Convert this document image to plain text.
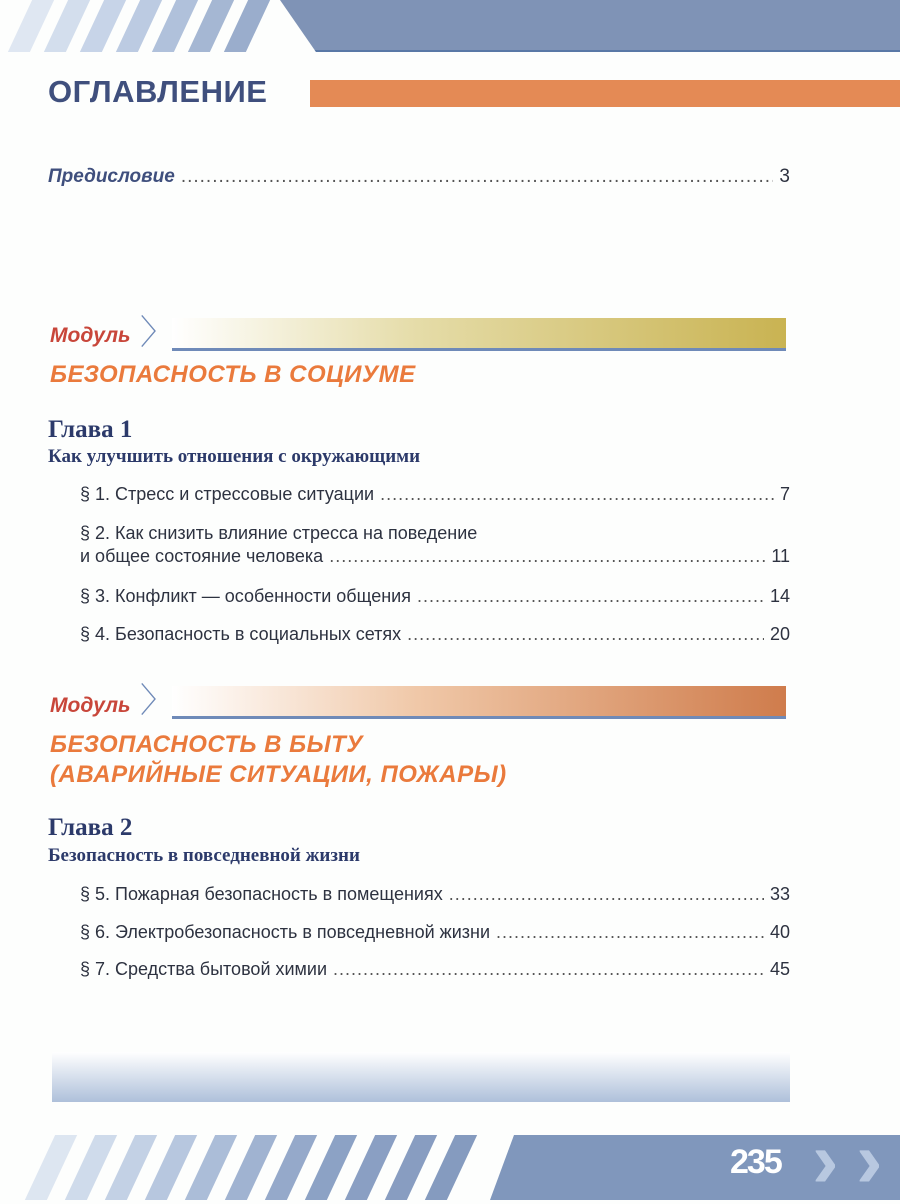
ОГЛАВЛЕНИЕ
Предисловие .....	3
Модуль 〉
БЕЗОПАСНОСТЬ В СОЦИУМЕ
Глава 1
Как улучшить отношения с окружающими
§ 1. Стресс и стрессовые ситуации .....	7
§ 2. Как снизить влияние стресса на поведение
и общее состояние человека .....	11
§ 3. Конфликт — особенности общения .....	14
§ 4. Безопасность в социальных сетях .....	20
Модуль 〉
БЕЗОПАСНОСТЬ В БЫТУ
(АВАРИЙНЫЕ СИТУАЦИИ, ПОЖАРЫ)
Глава 2
Безопасность в повседневной жизни
§ 5. Пожарная безопасность в помещениях .....	33
§ 6. Электробезопасность в повседневной жизни .....	40
§ 7. Средства бытовой химии .....	45
235 › ›
